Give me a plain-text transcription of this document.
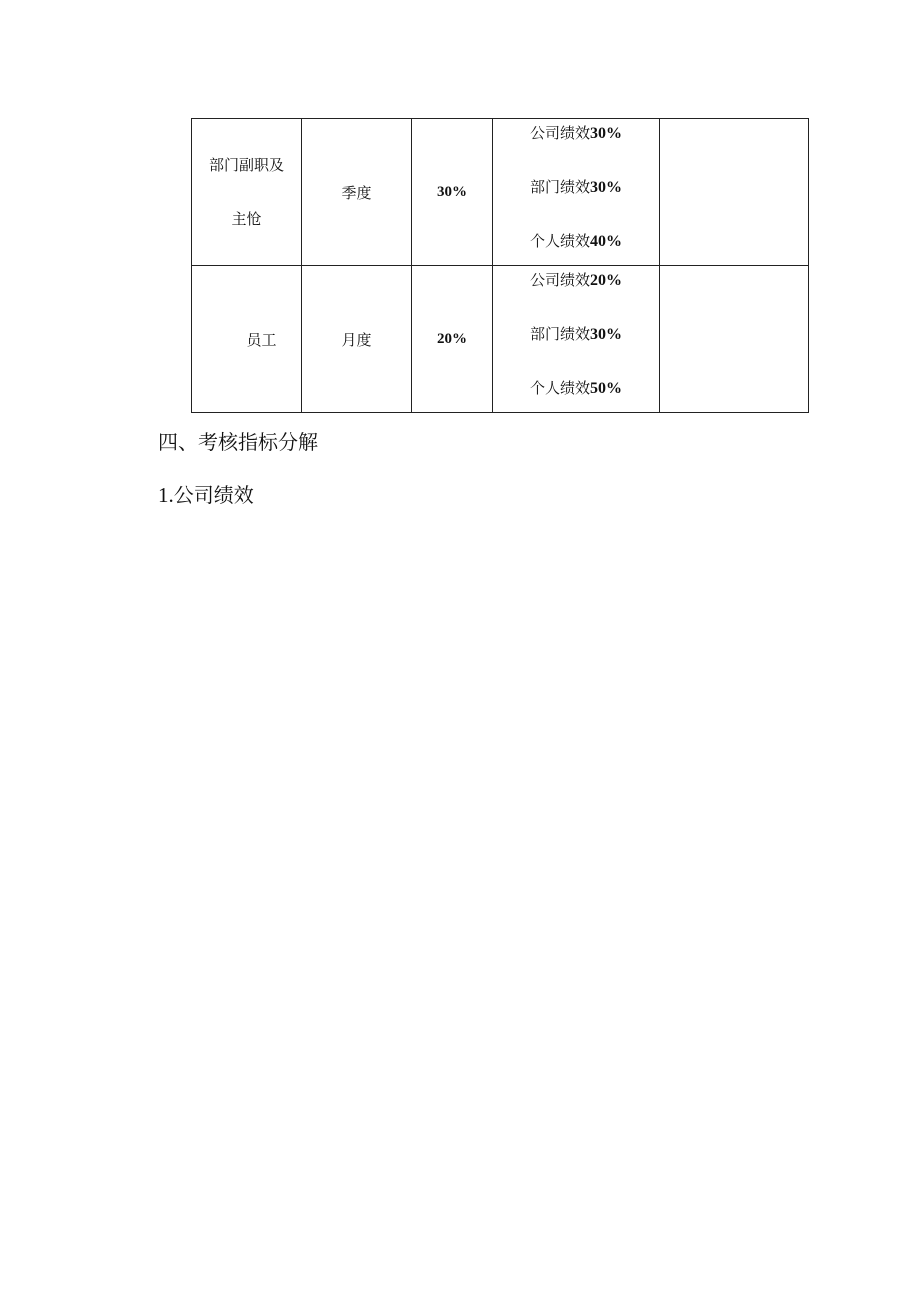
部门副职及
主怆	季度	30%	公司绩效30%
部门绩效30%
个人绩效40%	

员工	月度	20%	公司绩效20%
部门绩效30%
个人绩效50%	

四、考核指标分解
1.公司绩效
